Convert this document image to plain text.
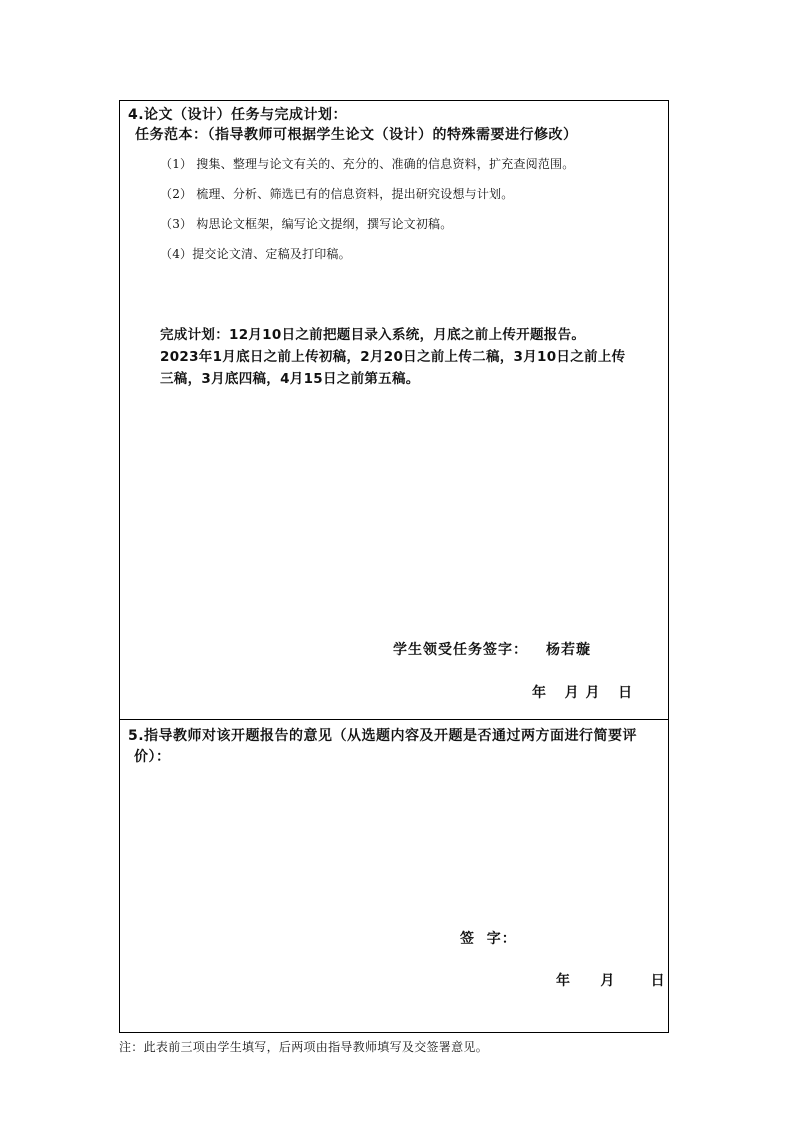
4.论文（设计）任务与完成计划：
任务范本：（指导教师可根据学生论文（设计）的特殊需要进行修改）
（1） 搜集、整理与论文有关的、充分的、准确的信息资料，扩充查阅范围。
（2） 梳理、分析、筛选已有的信息资料，提出研究设想与计划。
（3） 构思论文框架，编写论文提纲，撰写论文初稿。
（4）提交论文清、定稿及打印稿。
完成计划：12月10日之前把题目录入系统，月底之前上传开题报告。
2023年1月底日之前上传初稿，2月20日之前上传二稿，3月10日之前上传
三稿，3月底四稿，4月15日之前第五稿。
学生领受任务签字： 杨若璇
年   月 月   日
5.指导教师对该开题报告的意见（从选题内容及开题是否通过两方面进行简要评
价）：
签  字：
年     月      日
注：此表前三项由学生填写，后两项由指导教师填写及交签署意见。
